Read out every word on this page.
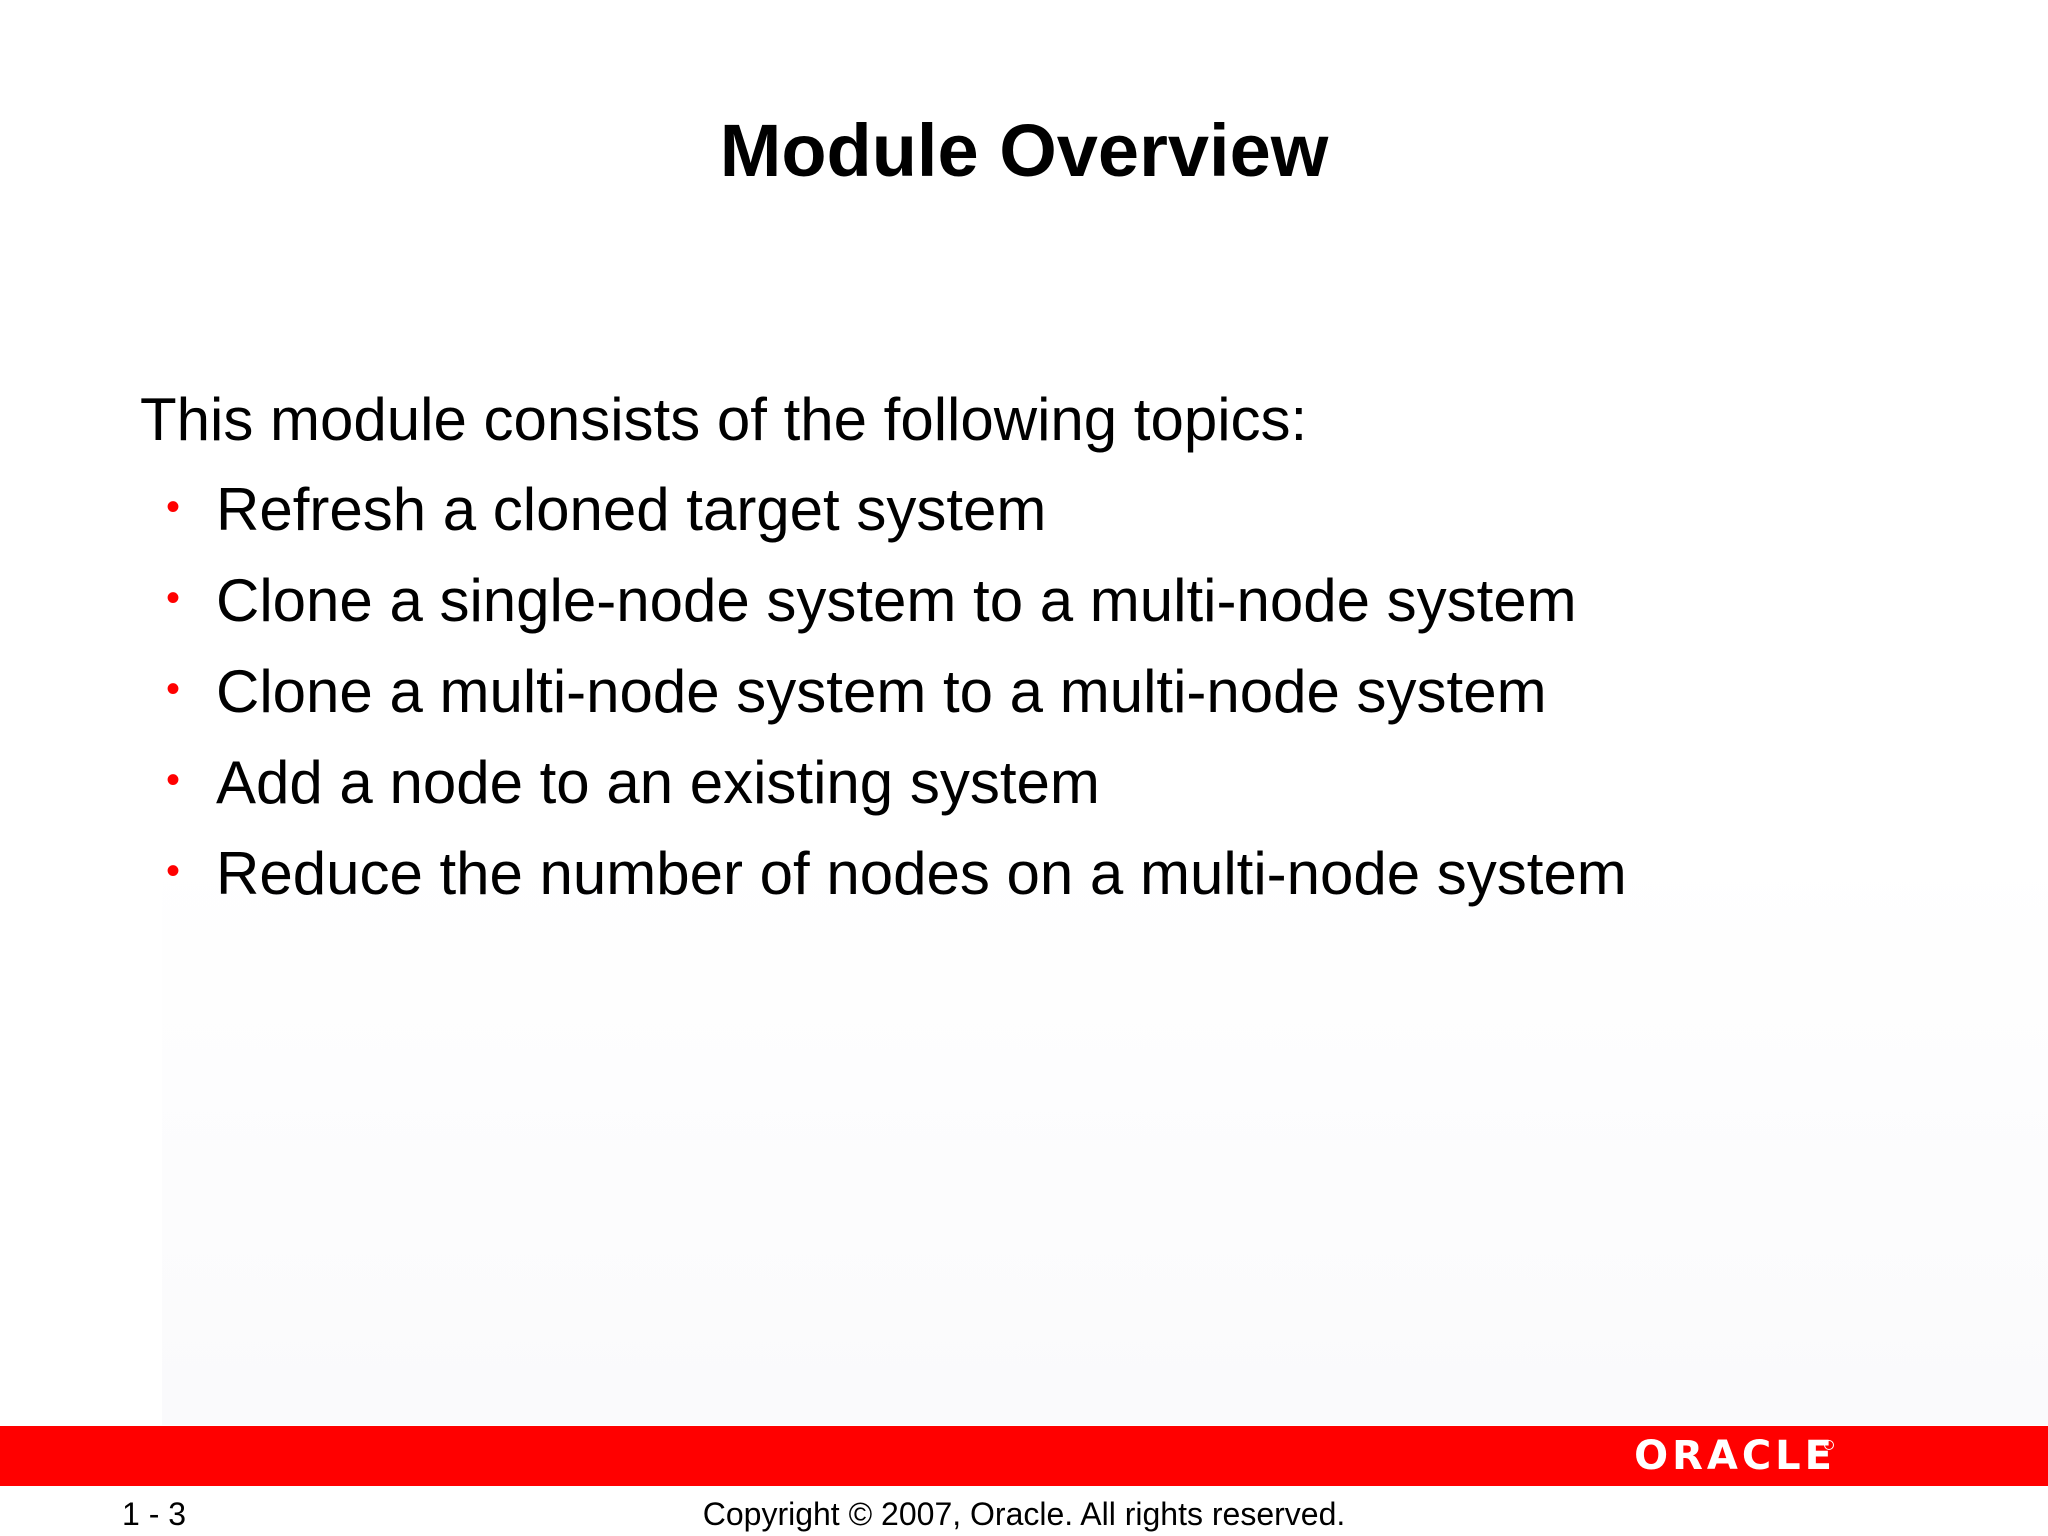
Module Overview
This module consists of the following topics:
• Refresh a cloned target system
• Clone a single-node system to a multi-node system
• Clone a multi-node system to a multi-node system
• Add a node to an existing system
• Reduce the number of nodes on a multi-node system
ORACLE
1 - 3	Copyright © 2007, Oracle. All rights reserved.
